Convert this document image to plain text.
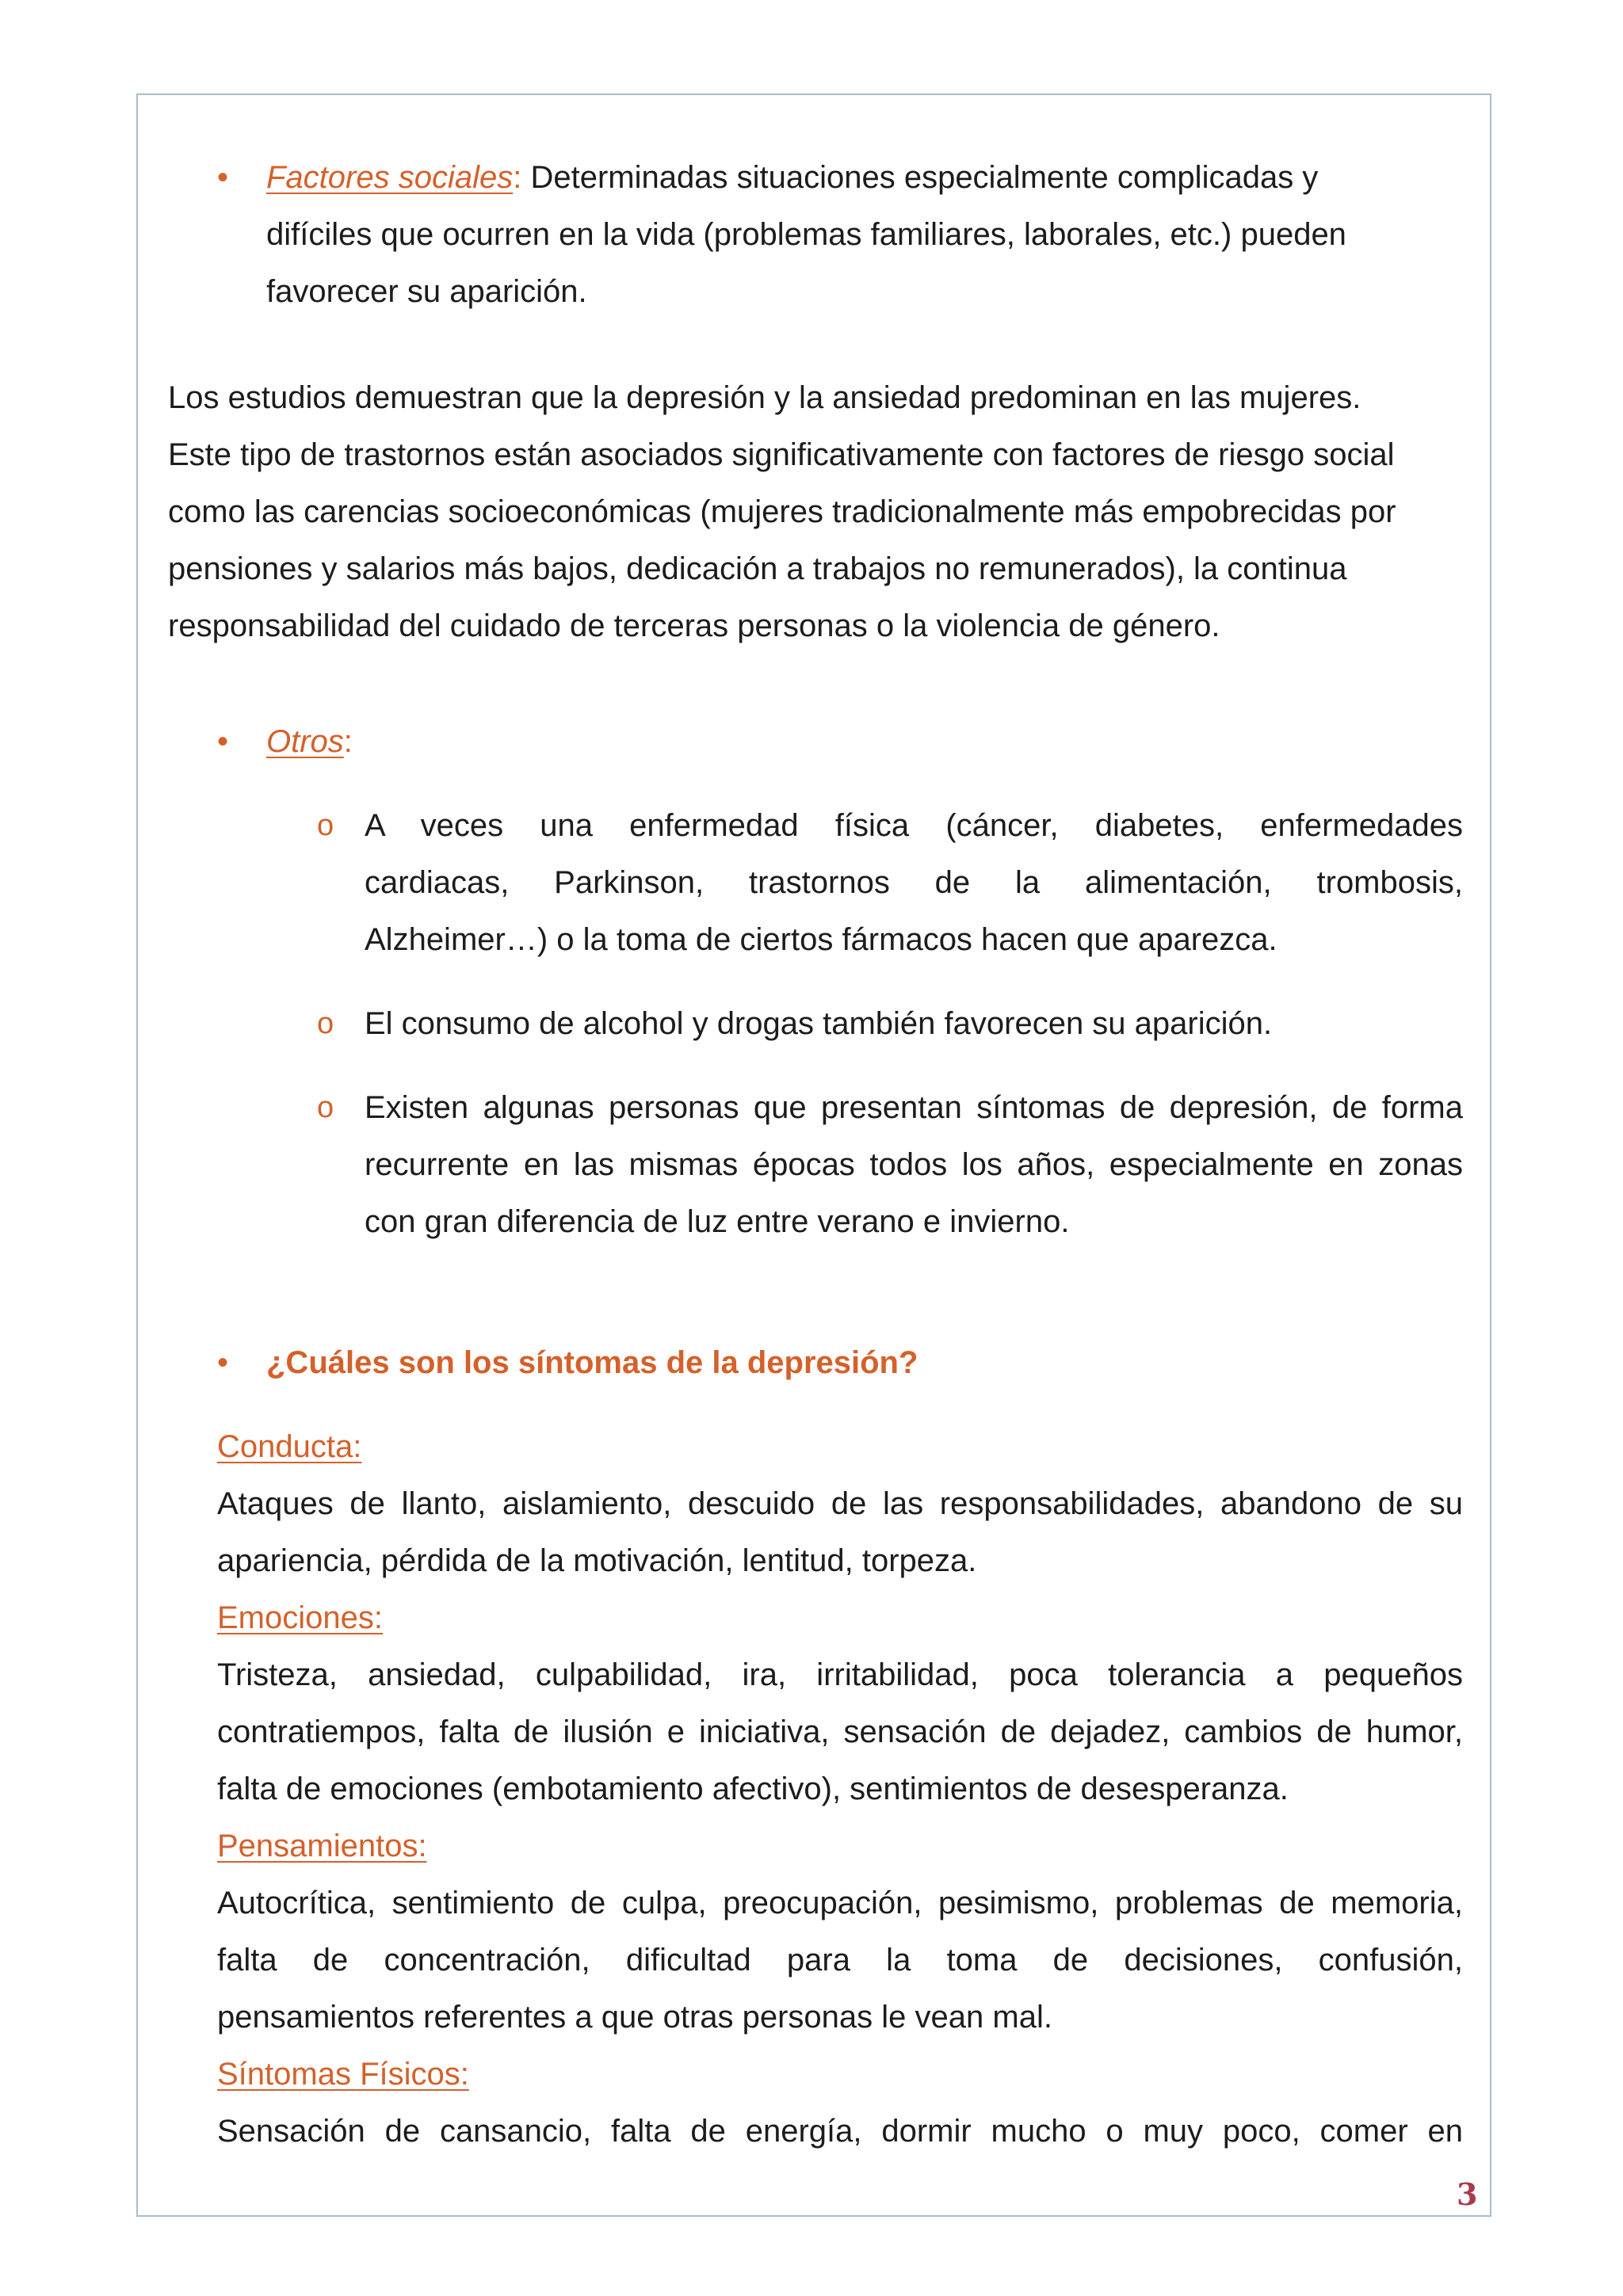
• Factores sociales: Determinadas situaciones especialmente complicadas y

difíciles que ocurren en la vida (problemas familiares, laborales, etc.) pueden

favorecer su aparición.

Los estudios demuestran que la depresión y la ansiedad predominan en las mujeres.

Este tipo de trastornos están asociados significativamente con factores de riesgo social

como las carencias socioeconómicas (mujeres tradicionalmente más empobrecidas por

pensiones y salarios más bajos, dedicación a trabajos no remunerados), la continua

responsabilidad del cuidado de terceras personas o la violencia de género.

• Otros:

o A veces una enfermedad física (cáncer, diabetes, enfermedades

cardiacas, Parkinson, trastornos de la alimentación, trombosis,

Alzheimer…) o la toma de ciertos fármacos hacen que aparezca.

o El consumo de alcohol y drogas también favorecen su aparición.

o Existen algunas personas que presentan síntomas de depresión, de forma

recurrente en las mismas épocas todos los años, especialmente en zonas

con gran diferencia de luz entre verano e invierno.

• ¿Cuáles son los síntomas de la depresión?

Conducta:

Ataques de llanto, aislamiento, descuido de las responsabilidades, abandono de su

apariencia, pérdida de la motivación, lentitud, torpeza.

Emociones:

Tristeza, ansiedad, culpabilidad, ira, irritabilidad, poca tolerancia a pequeños

contratiempos, falta de ilusión e iniciativa, sensación de dejadez, cambios de humor,

falta de emociones (embotamiento afectivo), sentimientos de desesperanza.

Pensamientos:

Autocrítica, sentimiento de culpa, preocupación, pesimismo, problemas de memoria,

falta de concentración, dificultad para la toma de decisiones, confusión,

pensamientos referentes a que otras personas le vean mal.

Síntomas Físicos:

Sensación de cansancio, falta de energía, dormir mucho o muy poco, comer en

3
